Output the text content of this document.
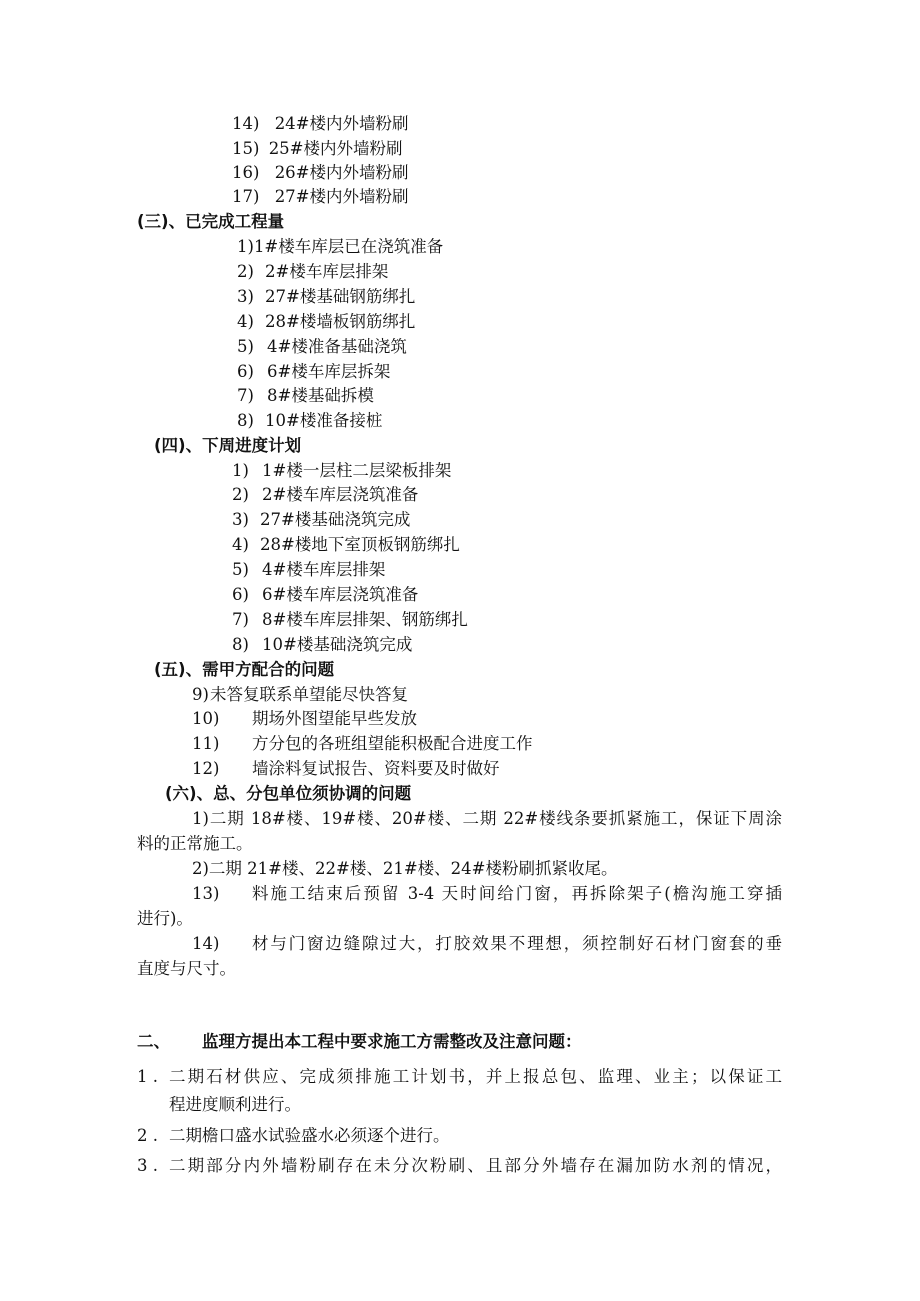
14) 24#楼内外墙粉刷
15) 25#楼内外墙粉刷
16) 26#楼内外墙粉刷
17) 27#楼内外墙粉刷
(三)、已完成工程量
1)1#楼车库层已在浇筑准备
2) 2#楼车库层排架
3) 27#楼基础钢筋绑扎
4) 28#楼墙板钢筋绑扎
5) 4#楼准备基础浇筑
6) 6#楼车库层拆架
7) 8#楼基础拆模
8) 10#楼准备接桩
(四)、下周进度计划
1) 1#楼一层柱二层梁板排架
2) 2#楼车库层浇筑准备
3) 27#楼基础浇筑完成
4) 28#楼地下室顶板钢筋绑扎
5) 4#楼车库层排架
6) 6#楼车库层浇筑准备
7) 8#楼车库层排架、钢筋绑扎
8) 10#楼基础浇筑完成
(五)、需甲方配合的问题
9)未答复联系单望能尽快答复
10) 期场外图望能早些发放
11) 方分包的各班组望能积极配合进度工作
12) 墙涂料复试报告、资料要及时做好
(六)、总、分包单位须协调的问题
1)二期 18#楼、19#楼、20#楼、二期 22#楼线条要抓紧施工，保证下周涂
料的正常施工。
2)二期 21#楼、22#楼、21#楼、24#楼粉刷抓紧收尾。
13)	料施工结束后预留 3-4 天时间给门窗，再拆除架子(檐沟施工穿插
进行)。
14)	材与门窗边缝隙过大，打胶效果不理想，须控制好石材门窗套的垂
直度与尺寸。
二、 监理方提出本工程中要求施工方需整改及注意问题：
1 . 二期石材供应、完成须排施工计划书，并上报总包、监理、业主；以保证工
程进度顺利进行。
2 . 二期檐口盛水试验盛水必须逐个进行。
3 . 二期部分内外墙粉刷存在未分次粉刷、且部分外墙存在漏加防水剂的情况，
